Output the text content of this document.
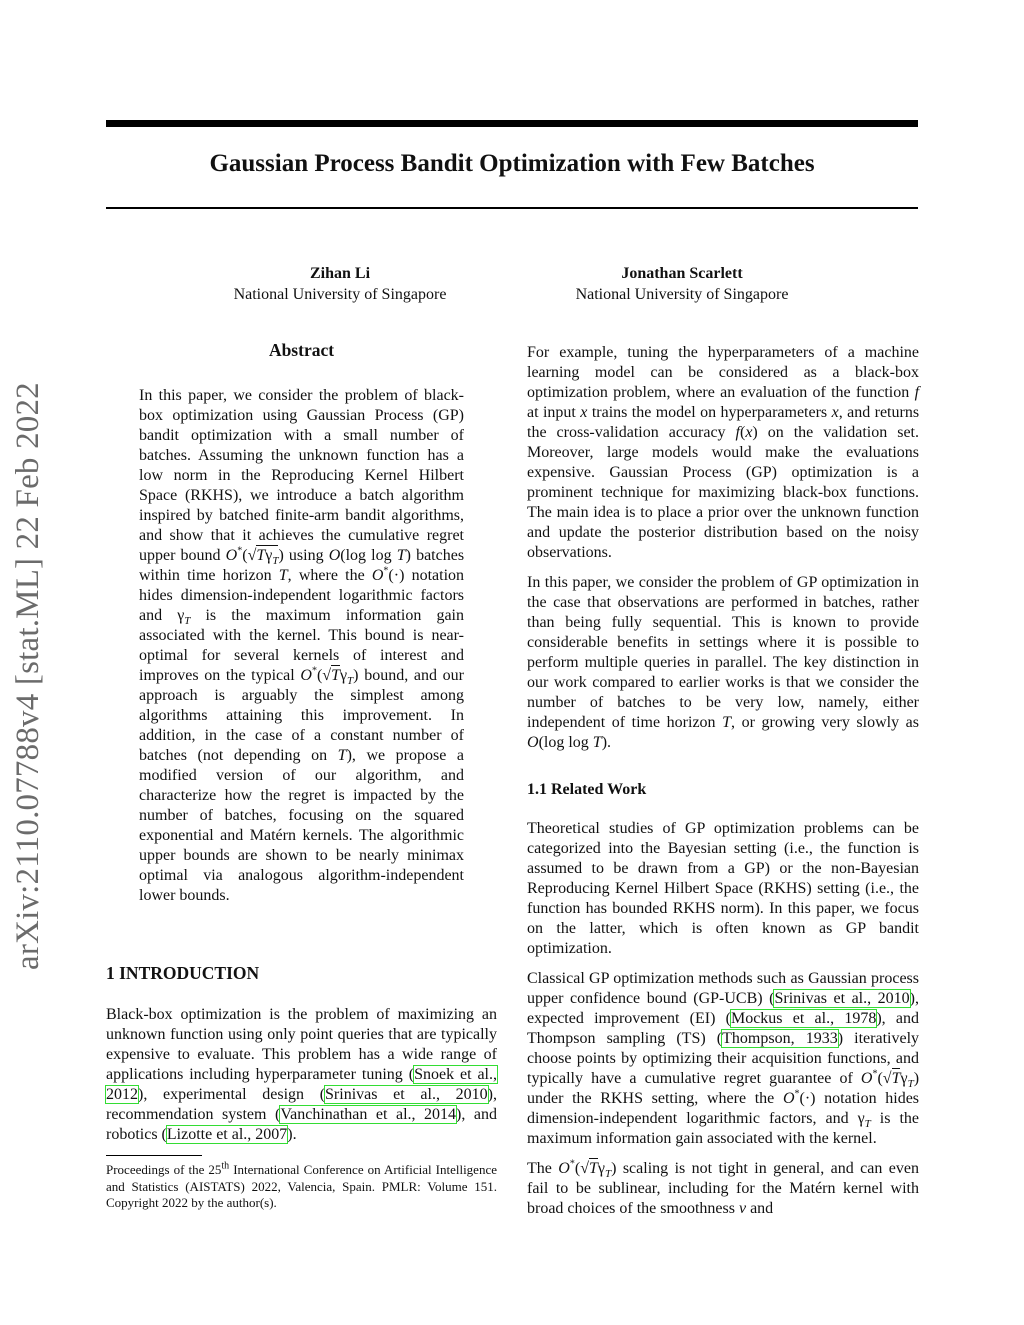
Gaussian Process Bandit Optimization with Few Batches
Zihan Li
National University of Singapore
Jonathan Scarlett
National University of Singapore
arXiv:2110.07788v4 [stat.ML] 22 Feb 2022
Abstract
In this paper, we consider the problem of black-box optimization using Gaussian Process (GP) bandit optimization with a small number of batches. Assuming the unknown function has a low norm in the Reproducing Kernel Hilbert Space (RKHS), we introduce a batch algorithm inspired by batched finite-arm bandit algorithms, and show that it achieves the cumulative regret upper bound $O^*(√T\gamma_T)$ using O(log log T) batches within time horizon T, where the O*(·) notation hides dimension-independent logarithmic factors and $\gamma_T$ is the maximum information gain associated with the kernel. This bound is near-optimal for several kernels of interest and improves on the typical $O^*(√T\gamma_T)$ bound, and our approach is arguably the simplest among algorithms attaining this improvement. In addition, in the case of a constant number of batches (not depending on T), we propose a modified version of our algorithm, and characterize how the regret is impacted by the number of batches, focusing on the squared exponential and Matérn kernels. The algorithmic upper bounds are shown to be nearly minimax optimal via analogous algorithm-independent lower bounds.
1 INTRODUCTION
Black-box optimization is the problem of maximizing an unknown function using only point queries that are typically expensive to evaluate. This problem has a wide range of applications including hyperparameter tuning (Snoek et al., 2012), experimental design (Srinivas et al., 2010), recommendation system (Vanchinathan et al., 2014), and robotics (Lizotte et al., 2007).
Proceedings of the 25th International Conference on Artificial Intelligence and Statistics (AISTATS) 2022, Valencia, Spain. PMLR: Volume 151. Copyright 2022 by the author(s).

For example, tuning the hyperparameters of a machine learning model can be considered as a black-box optimization problem, where an evaluation of the function f at input x trains the model on hyperparameters x, and returns the cross-validation accuracy f(x) on the validation set. Moreover, large models would make the evaluations expensive. Gaussian Process (GP) optimization is a prominent technique for maximizing black-box functions. The main idea is to place a prior over the unknown function and update the posterior distribution based on the noisy observations.

In this paper, we consider the problem of GP optimization in the case that observations are performed in batches, rather than being fully sequential. This is known to provide considerable benefits in settings where it is possible to perform multiple queries in parallel. The key distinction in our work compared to earlier works is that we consider the number of batches to be very low, namely, either independent of time horizon T, or growing very slowly as O(log log T).

1.1 Related Work

Theoretical studies of GP optimization problems can be categorized into the Bayesian setting (i.e., the function is assumed to be drawn from a GP) or the non-Bayesian Reproducing Kernel Hilbert Space (RKHS) setting (i.e., the function has bounded RKHS norm). In this paper, we focus on the latter, which is often known as GP bandit optimization.

Classical GP optimization methods such as Gaussian process upper confidence bound (GP-UCB) (Srinivas et al., 2010), expected improvement (EI) (Mockus et al., 1978), and Thompson sampling (TS) (Thompson, 1933) iteratively choose points by optimizing their acquisition functions, and typically have a cumulative regret guarantee of $O^*(√T\gamma_T)$ under the RKHS setting, where the O*(·) notation hides dimension-independent logarithmic factors, and $\gamma_T$ is the maximum information gain associated with the kernel.

The $O^*(√T\gamma_T)$ scaling is not tight in general, and can even fail to be sublinear, including for the Matérn kernel with broad choices of the smoothness ν and
